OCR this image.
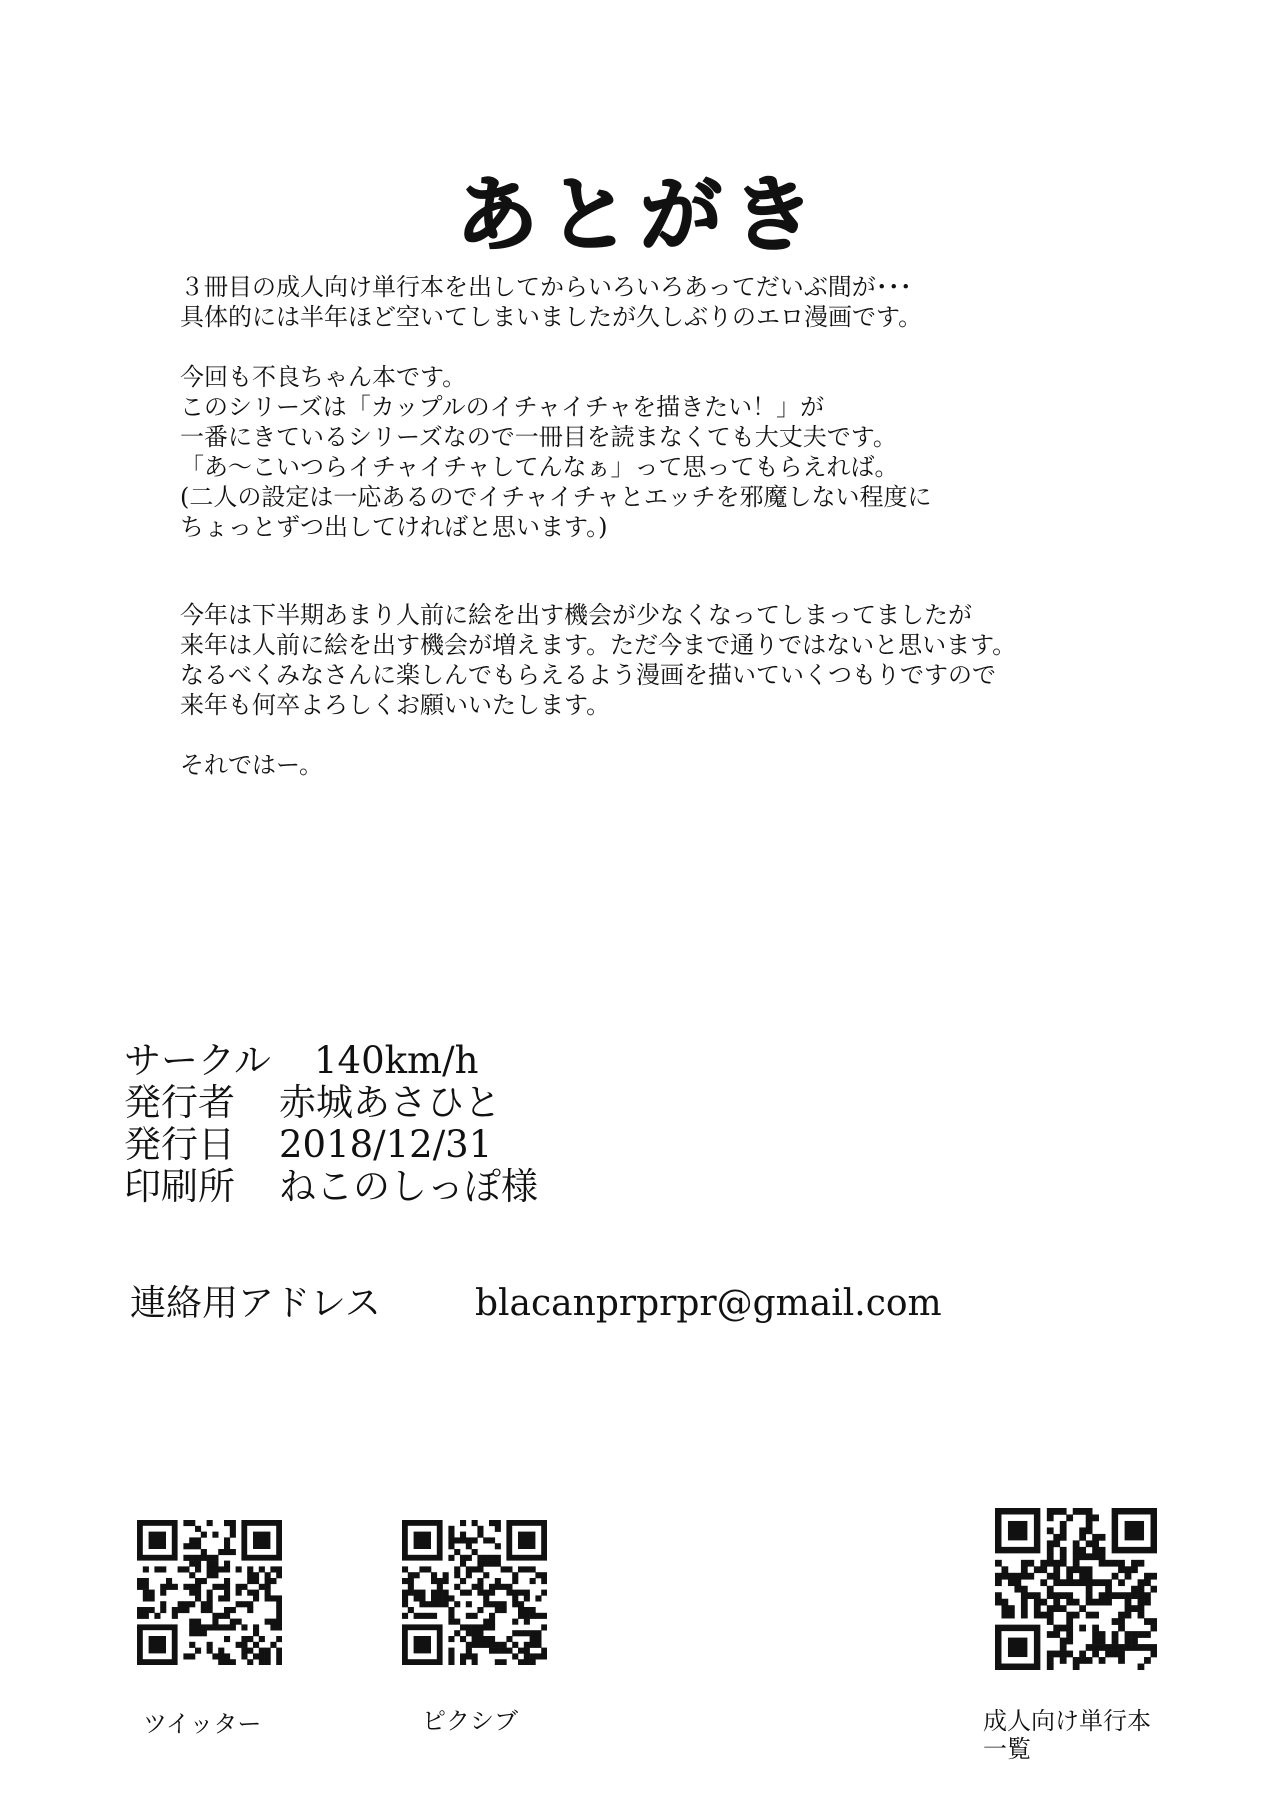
あとがき
３冊目の成人向け単行本を出してからいろいろあってだいぶ間が･･･
具体的には半年ほど空いてしまいましたが久しぶりのエロ漫画です。
今回も不良ちゃん本です。
このシリーズは「カップルのイチャイチャを描きたい！」が
一番にきているシリーズなので一冊目を読まなくても大丈夫です。
「あ～こいつらイチャイチャしてんなぁ」って思ってもらえれば。
(二人の設定は一応あるのでイチャイチャとエッチを邪魔しない程度に
ちょっとずつ出してければと思います。)
今年は下半期あまり人前に絵を出す機会が少なくなってしまってましたが
来年は人前に絵を出す機会が増えます。ただ今まで通りではないと思います。
なるべくみなさんに楽しんでもらえるよう漫画を描いていくつもりですので
来年も何卒よろしくお願いいたします。
それではー。
サークル	140km/h
発行者	赤城あさひと
発行日	2018/12/31
印刷所	ねこのしっぽ様
連絡用アドレス	blacanprprpr@gmail.com
ツイッター	ピクシブ	成人向け単行本
一覧
